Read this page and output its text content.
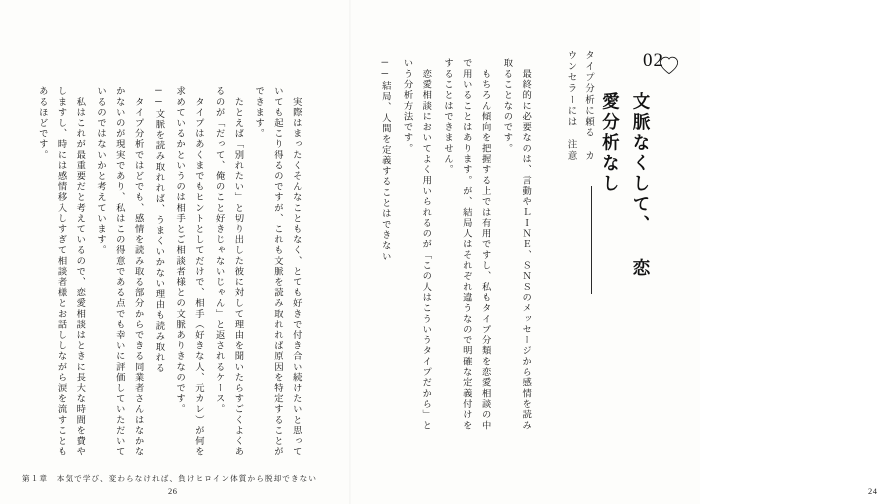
02
文脈なくして、 恋愛分析なし
タイプ分析に頼る カウンセラーには 注意
──結局、人間を定義することはできない	　恋愛相談においてよく用いられるのが「この人はこういうタイプだから」という分析方法です。	　もちろん傾向を把握する上では有用ですし、私もタイプ分類を恋愛相談の中で用いることはあります。が、結局人はそれぞれ違うなので明確な定義付けをすることはできません。	　最終的に必要なのは、言動やＬＩＮＥ、ＳＮＳのメッセージから感情を読み取ることなのです。
24
　私はこれが最重要だと考えているので、恋愛相談はときに長大な時間を費やしますし、時には感情移入しすぎて相談者様とお話ししながら涙を流すこともあるほどです。	　タイプ分析ではどでも、感情を読み取る部分からできる同業者さんはなかなかないのが現実であり、私はこの得意である点でも幸いに評価していただいているのではないかと考えています。	──文脈を読み取れれば、うまくいかない理由も読み取れる	　タイプはあくまでもヒントとしてだけで、相手（好きな人、元カレ）が何を求めているかというのは相手とご相談者様との文脈ありきなのです。	　たとえば「別れたい」と切り出した彼に対して理由を聞いたらすごくよくあるのが「だって、俺のこと好きじゃないじゃん」と返されるケース。	　実際はまったくそんなこともなく、とても好きで付き合い続けたいと思っていても起こり得るのですが、これも文脈を読み取れれば原因を特定することができます。
第１章　本気で学び、変わらなければ、負けヒロイン体質から脱却できない
26
